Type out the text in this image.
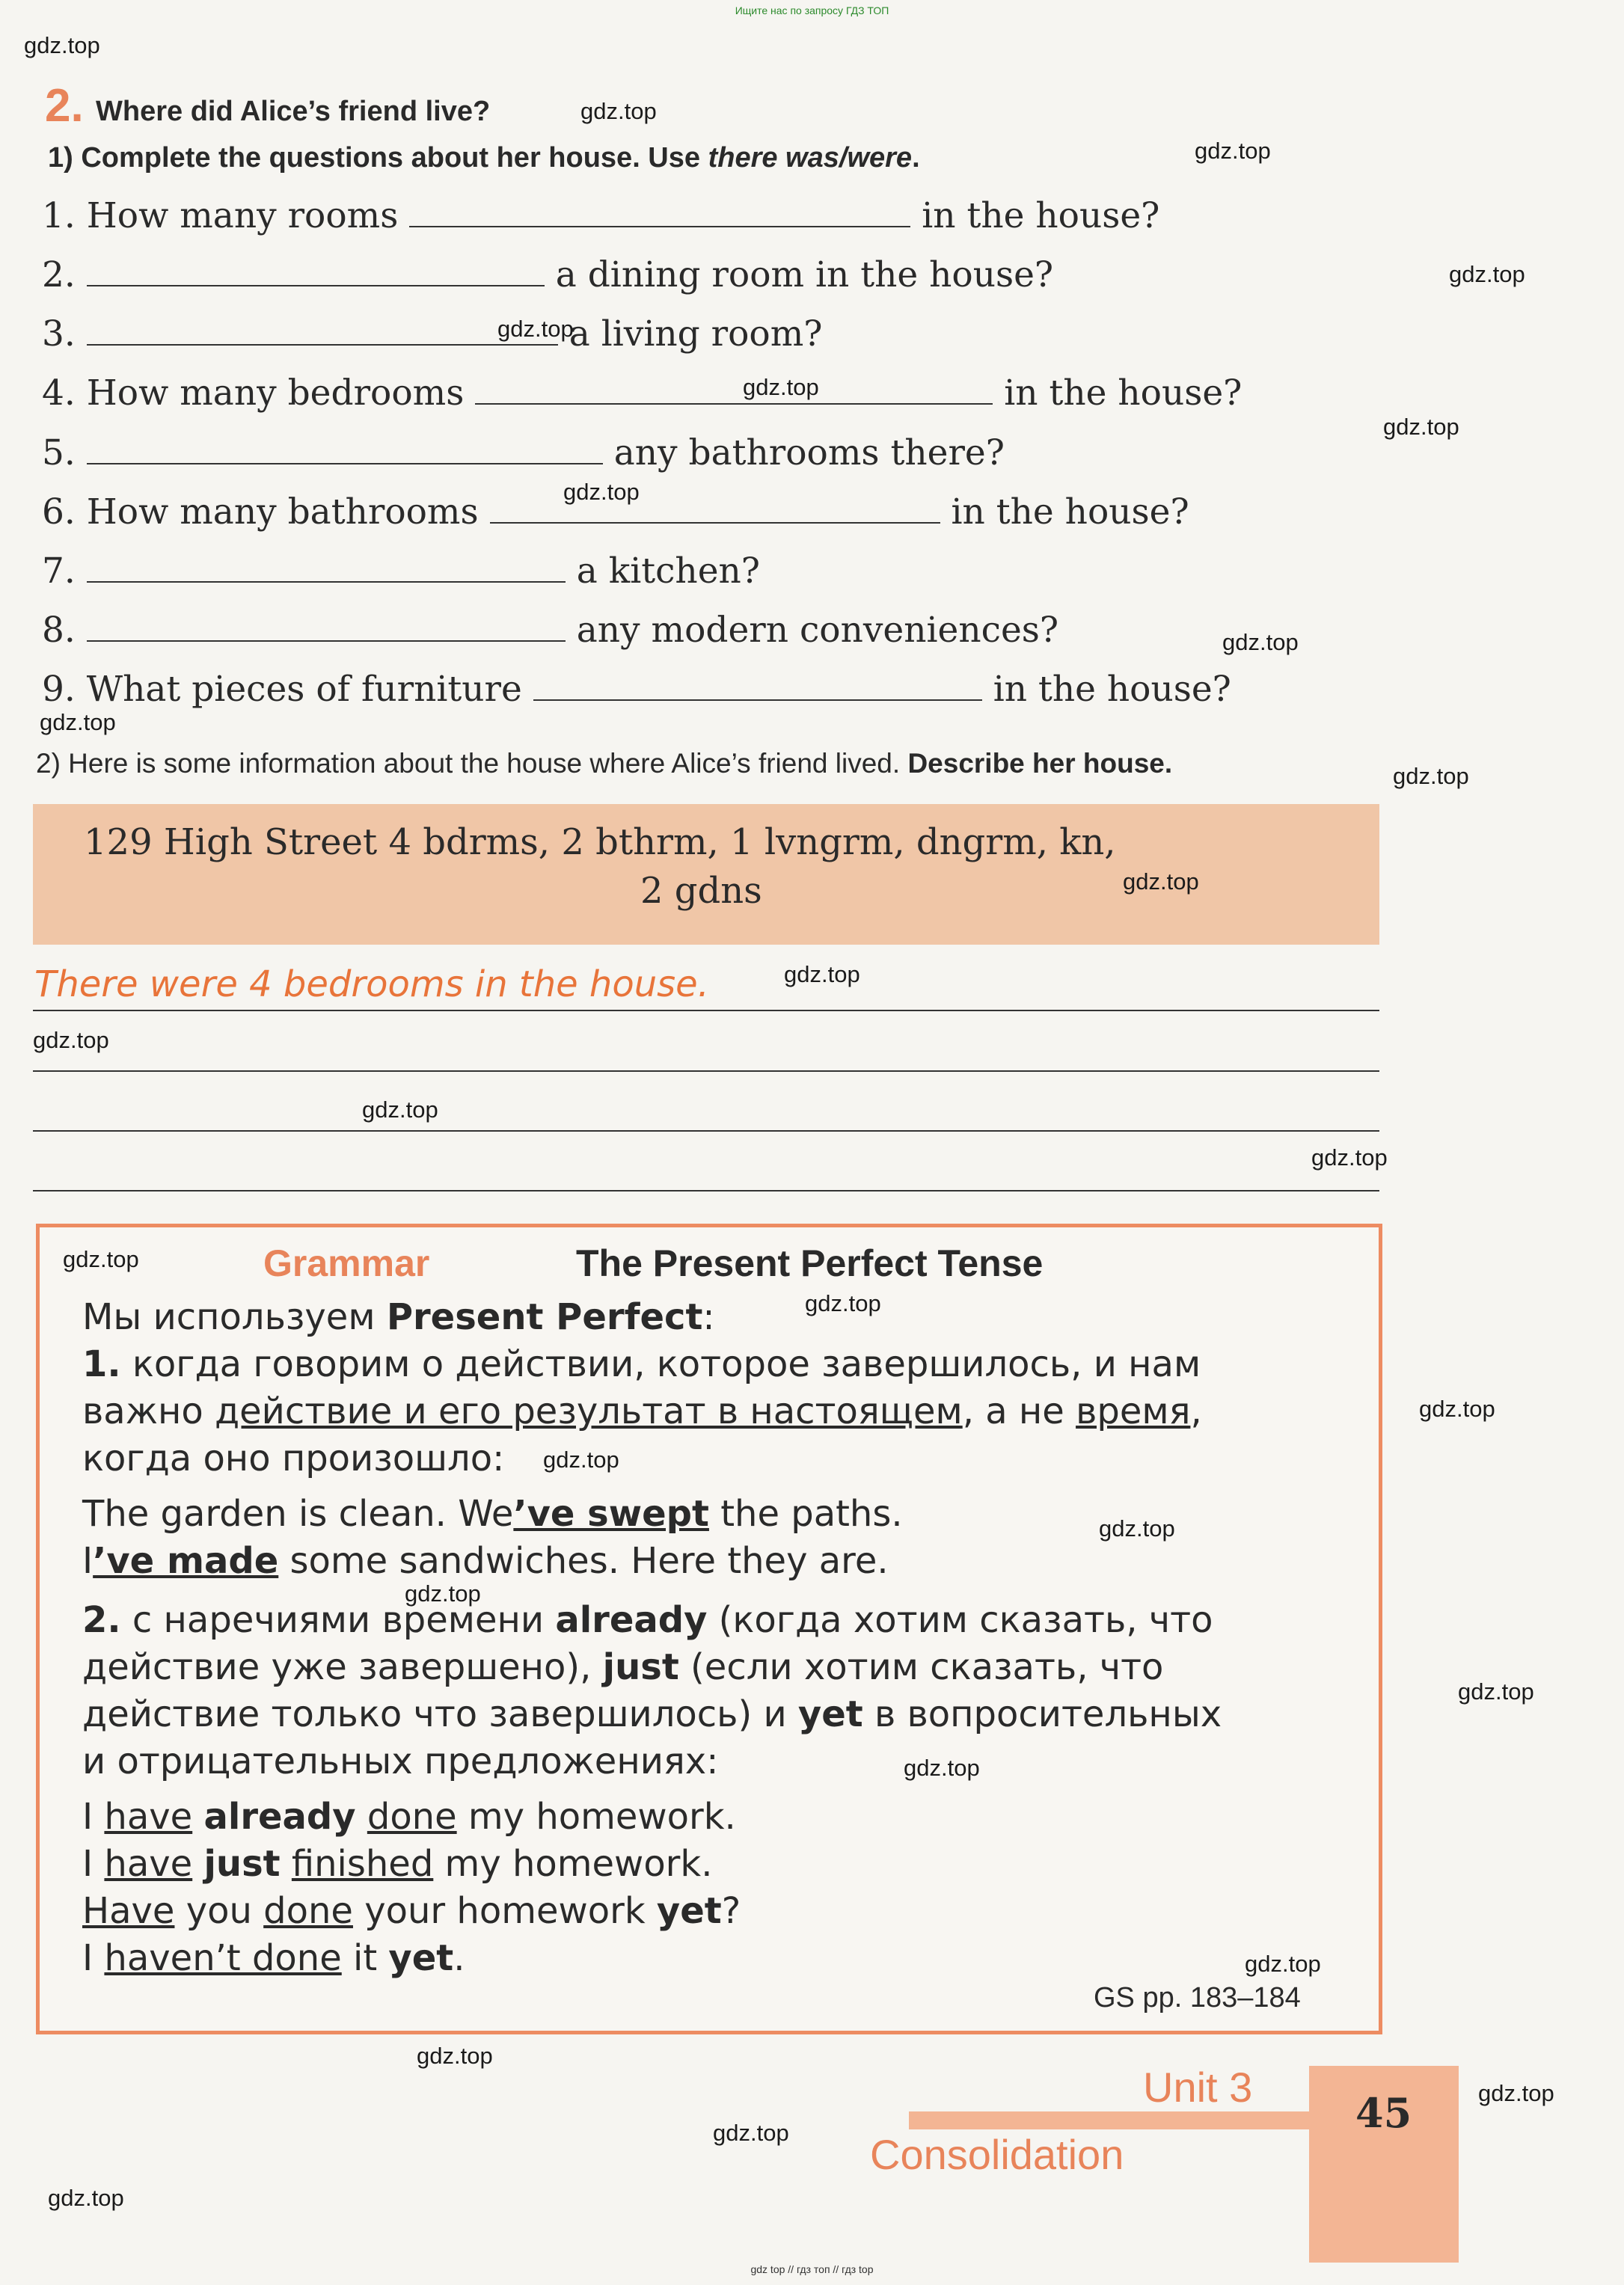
Ищите нас по запросу ГДЗ ТОП
2. Where did Alice’s friend live?
1) Complete the questions about her house. Use there was/were.
1. How many rooms	in the house?
2.	a dining room in the house?
3.	a living room?
4. How many bedrooms	in the house?
5.	any bathrooms there?
6. How many bathrooms	in the house?
7.	a kitchen?
8.	any modern conveniences?
9. What pieces of furniture	in the house?
2) Here is some information about the house where Alice’s friend lived. Describe her house.
129 High Street 4 bdrms, 2 bthrm, 1 lvngrm, dngrm, kn,
2 gdns
There were 4 bedrooms in the house.
Grammar	The Present Perfect Tense
Мы используем Present Perfect:
1. когда говорим о действии, которое завершилось, и нам
важно действие и его результат в настоящем, а не время,
когда оно произошло:
The garden is clean. We’ve swept the paths.
I’ve made some sandwiches. Here they are.
2. с наречиями времени already (когда хотим сказать, что
действие уже завершено), just (если хотим сказать, что
действие только что завершилось) и yet в вопросительных
и отрицательных предложениях:
I have already done my homework.
I have just finished my homework.
Have you done your homework yet?
I haven’t done it yet.
GS pp. 183–184
45
Unit 3
Consolidation
gdz top // гдз топ // гдз top
gdz.top
gdz.top
gdz.top
gdz.top
gdz.top
gdz.top
gdz.top
gdz.top
gdz.top
gdz.top
gdz.top
gdz.top
gdz.top
gdz.top
gdz.top
gdz.top
gdz.top
gdz.top
gdz.top
gdz.top
gdz.top
gdz.top
gdz.top
gdz.top
gdz.top
gdz.top
gdz.top
gdz.top
gdz.top
